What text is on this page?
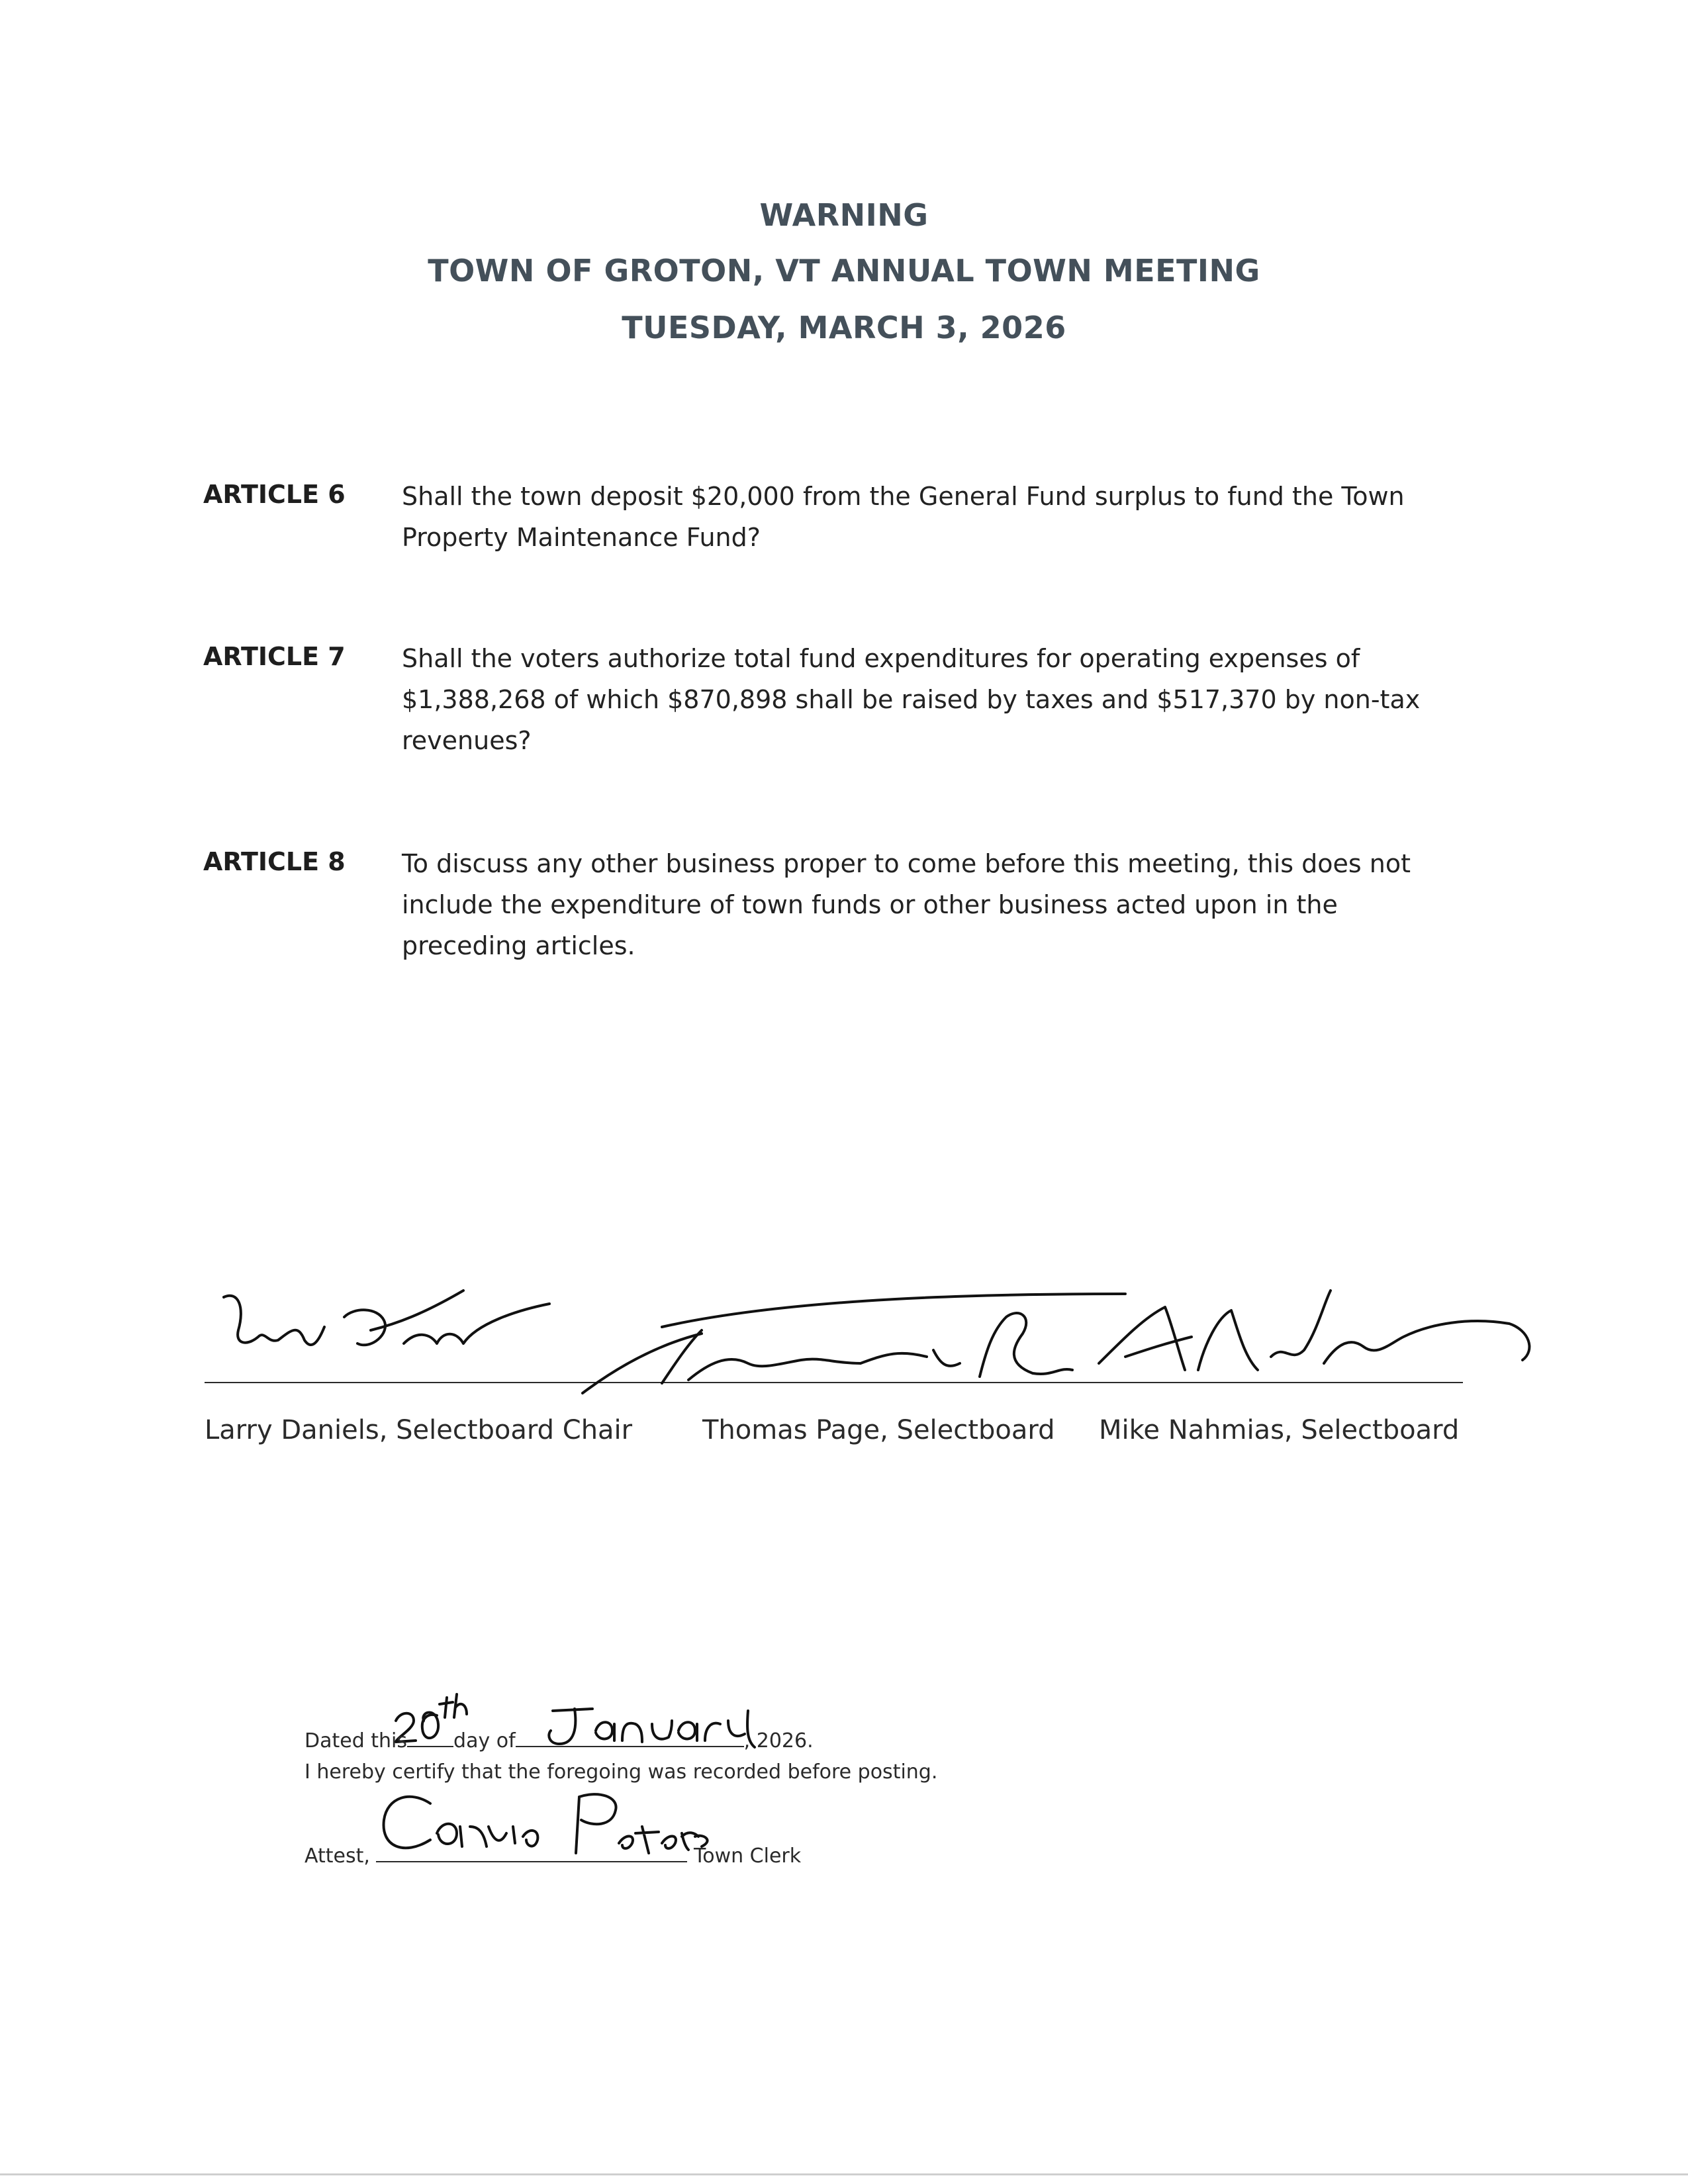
WARNING
TOWN OF GROTON, VT ANNUAL TOWN MEETING
TUESDAY, MARCH 3, 2026
ARTICLE 6 Shall the town deposit $20,000 from the General Fund surplus to fund the Town Property Maintenance Fund?
ARTICLE 7 Shall the voters authorize total fund expenditures for operating expenses of $1,388,268 of which $870,898 shall be raised by taxes and $517,370 by non-tax revenues?
ARTICLE 8 To discuss any other business proper to come before this meeting, this does not include the expenditure of town funds or other business acted upon in the preceding articles.
Larry Daniels, Selectboard Chair	Thomas Page, Selectboard Mike Nahmias, Selectboard
Dated this day of	, 2026.
I hereby certify that the foregoing was recorded before posting.
Attest,	Town Clerk
